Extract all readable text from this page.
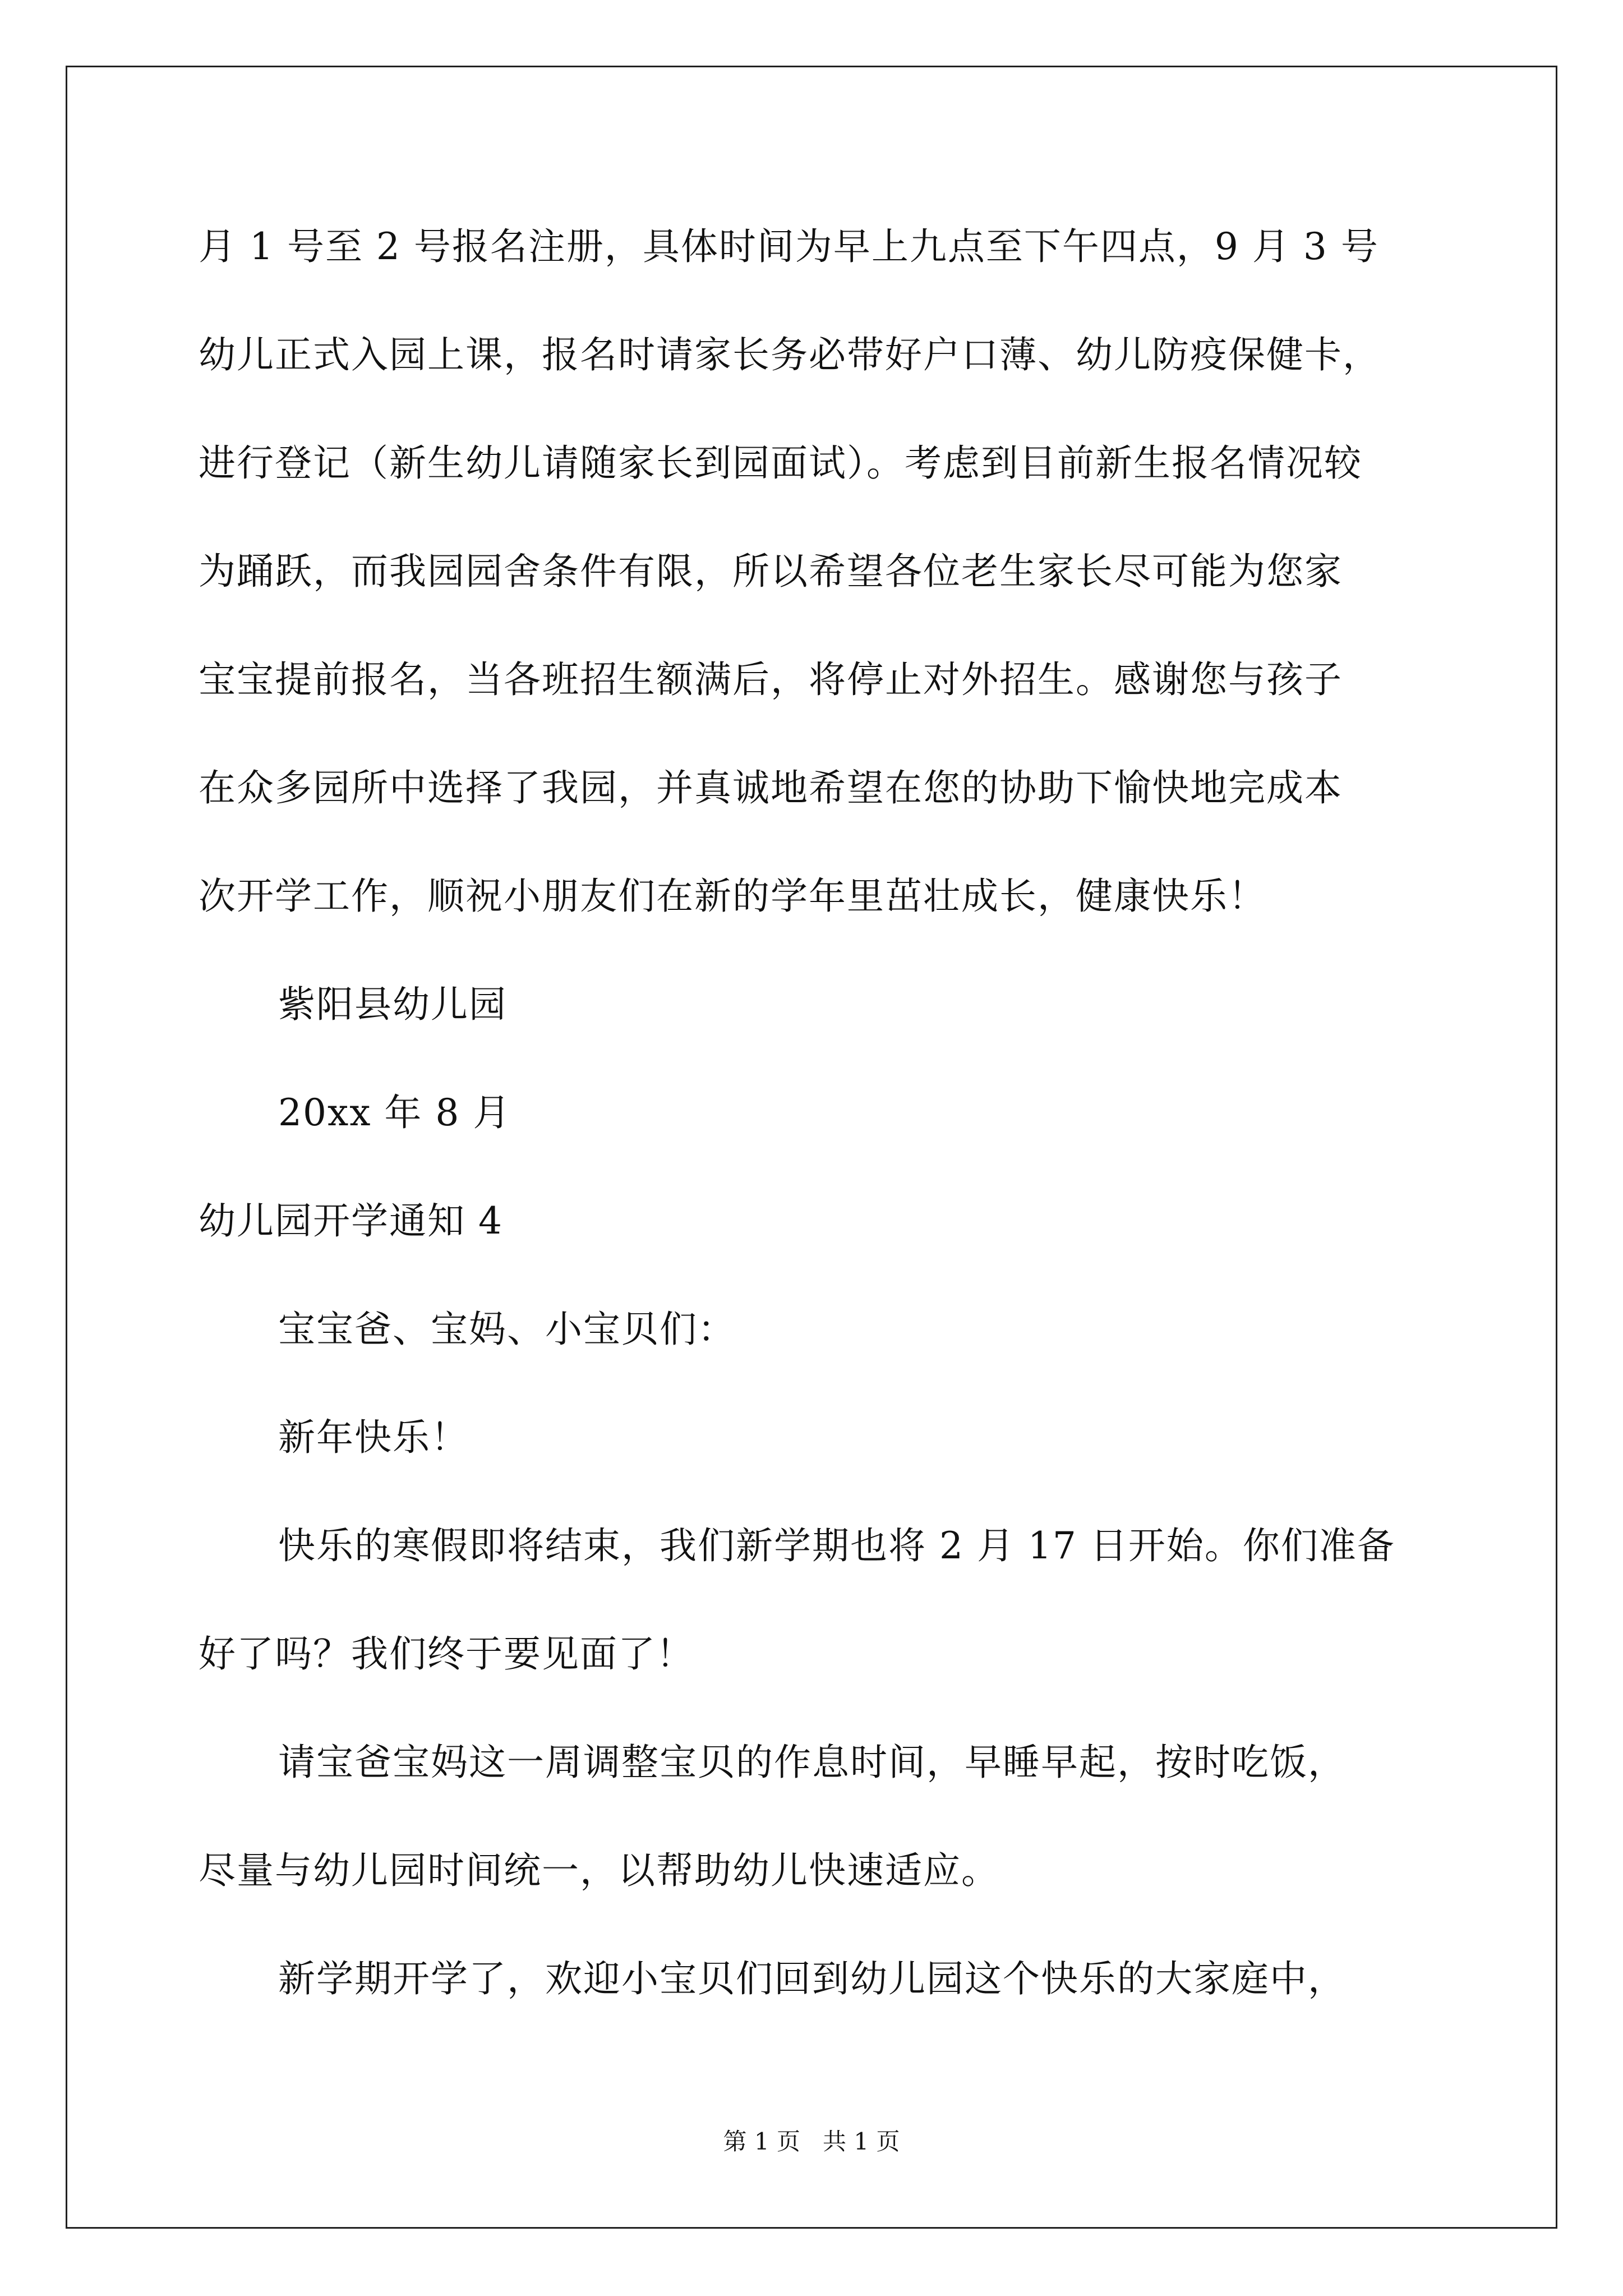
月 1 号至 2 号报名注册，具体时间为早上九点至下午四点，9 月 3 号
幼儿正式入园上课，报名时请家长务必带好户口薄、幼儿防疫保健卡，
进行登记（新生幼儿请随家长到园面试）。考虑到目前新生报名情况较
为踊跃，而我园园舍条件有限，所以希望各位老生家长尽可能为您家
宝宝提前报名，当各班招生额满后，将停止对外招生。感谢您与孩子
在众多园所中选择了我园，并真诚地希望在您的协助下愉快地完成本
次开学工作，顺祝小朋友们在新的学年里茁壮成长，健康快乐！
紫阳县幼儿园
20xx 年 8 月
幼儿园开学通知 4
宝宝爸、宝妈、小宝贝们：
新年快乐！
快乐的寒假即将结束，我们新学期也将 2 月 17 日开始。你们准备
好了吗？我们终于要见面了！
请宝爸宝妈这一周调整宝贝的作息时间，早睡早起，按时吃饭，
尽量与幼儿园时间统一，以帮助幼儿快速适应。
新学期开学了，欢迎小宝贝们回到幼儿园这个快乐的大家庭中，
第 1 页   共 1 页
